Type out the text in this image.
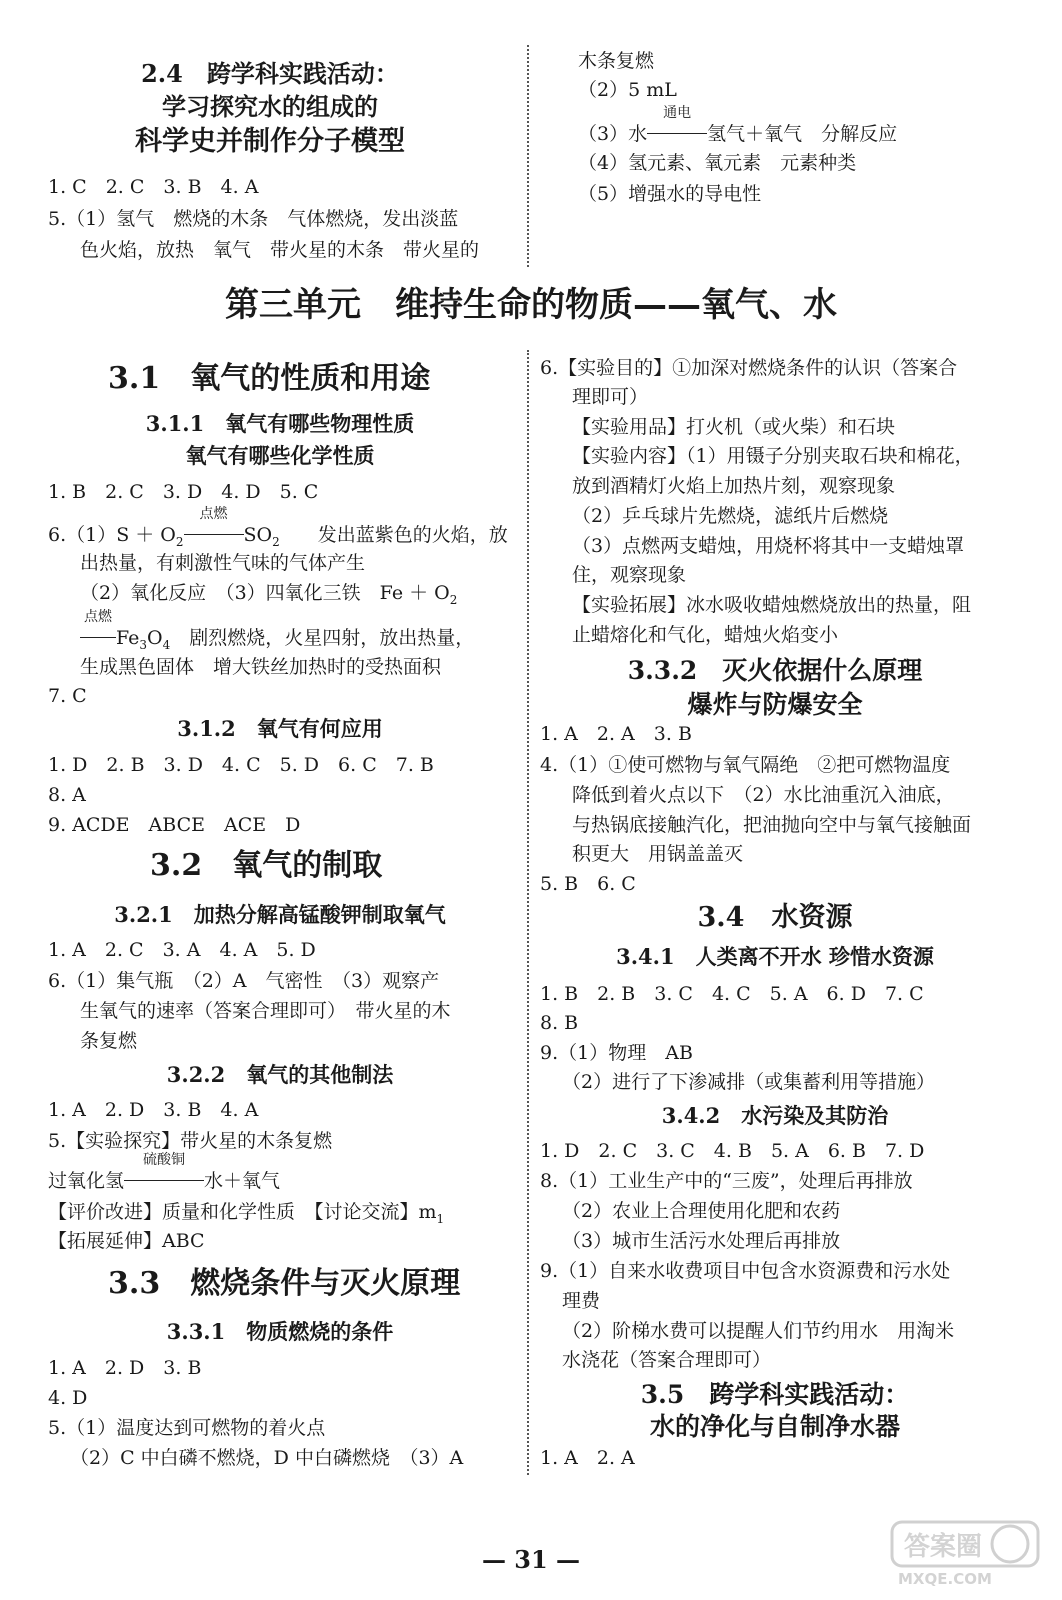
2.4　跨学科实践活动：
学习探究水的组成的
科学史并制作分子模型
1. C　2. C　3. B　4. A
5.（1）氢气　燃烧的木条　气体燃烧，发出淡蓝
色火焰，放热　氧气　带火星的木条　带火星的
木条复燃
（2）5 mL
（3）水
通电
氢气＋氧气　分解反应
（4）氢元素、氧元素　元素种类
（5）增强水的导电性
第三单元　维持生命的物质——氧气、水
3.1　氧气的性质和用途
3.1.1　氧气有哪些物理性质
氧气有哪些化学性质
1. B　2. C　3. D　4. D　5. C
$6.(1)S + O_2$
点燃
$SO_2$　　发出蓝紫色的火焰，放
出热量，有刺激性气味的气体产生
（2）氧化反应　（3）四氧化三铁　$Fe + O_2$
点燃
$Fe_3O_4$　剧烈燃烧，火星四射，放出热量，
生成黑色固体　增大铁丝加热时的受热面积
7. C
3.1.2　氧气有何应用
1. D　2. B　3. D　4. C　5. D　6. C　7. B
8. A
9. ACDE　ABCE　ACE　D
3.2　氧气的制取
3.2.1　加热分解高锰酸钾制取氧气
1. A　2. C　3. A　4. A　5. D
6.（1）集气瓶　（2）A　气密性　（3）观察产
生氧气的速率（答案合理即可）　带火星的木
条复燃
3.2.2　氧气的其他制法
1. A　2. D　3. B　4. A
5.【实验探究】带火星的木条复燃
过氧化氢
硫酸铜
水＋氧气
【评价改进】质量和化学性质　【讨论交流】$m_1$
【拓展延伸】ABC
3.3　燃烧条件与灭火原理
3.3.1　物质燃烧的条件
1. A　2. D　3. B
4. D
5.（1）温度达到可燃物的着火点
（2）C 中白磷不燃烧，D 中白磷燃烧　（3）A
6.【实验目的】①加深对燃烧条件的认识（答案合
理即可）
【实验用品】打火机（或火柴）和石块
【实验内容】（1）用镊子分别夹取石块和棉花，
放到酒精灯火焰上加热片刻，观察现象
（2）乒乓球片先燃烧，滤纸片后燃烧
（3）点燃两支蜡烛，用烧杯将其中一支蜡烛罩
住，观察现象
【实验拓展】冰水吸收蜡烛燃烧放出的热量，阻
止蜡熔化和气化，蜡烛火焰变小
3.3.2　灭火依据什么原理
爆炸与防爆安全
1. A　2. A　3. B
4.（1）①使可燃物与氧气隔绝　②把可燃物温度
降低到着火点以下　（2）水比油重沉入油底，
与热锅底接触汽化，把油抛向空中与氧气接触面
积更大　用锅盖盖灭
5. B　6. C
3.4　水资源
3.4.1　人类离不开水 珍惜水资源
1. B　2. B　3. C　4. C　5. A　6. D　7. C
8. B
9.（1）物理　AB
（2）进行了下渗减排（或集蓄利用等措施）
3.4.2　水污染及其防治
1. D　2. C　3. C　4. B　5. A　6. B　7. D
8.（1）工业生产中的“三废”，处理后再排放
（2）农业上合理使用化肥和农药
（3）城市生活污水处理后再排放
9.（1）自来水收费项目中包含水资源费和污水处
理费
（2）阶梯水费可以提醒人们节约用水　用淘米
水浇花（答案合理即可）
3.5　跨学科实践活动：
水的净化与自制净水器
1. A　2. A
— 31 —	答案圈
MXQE.COM
